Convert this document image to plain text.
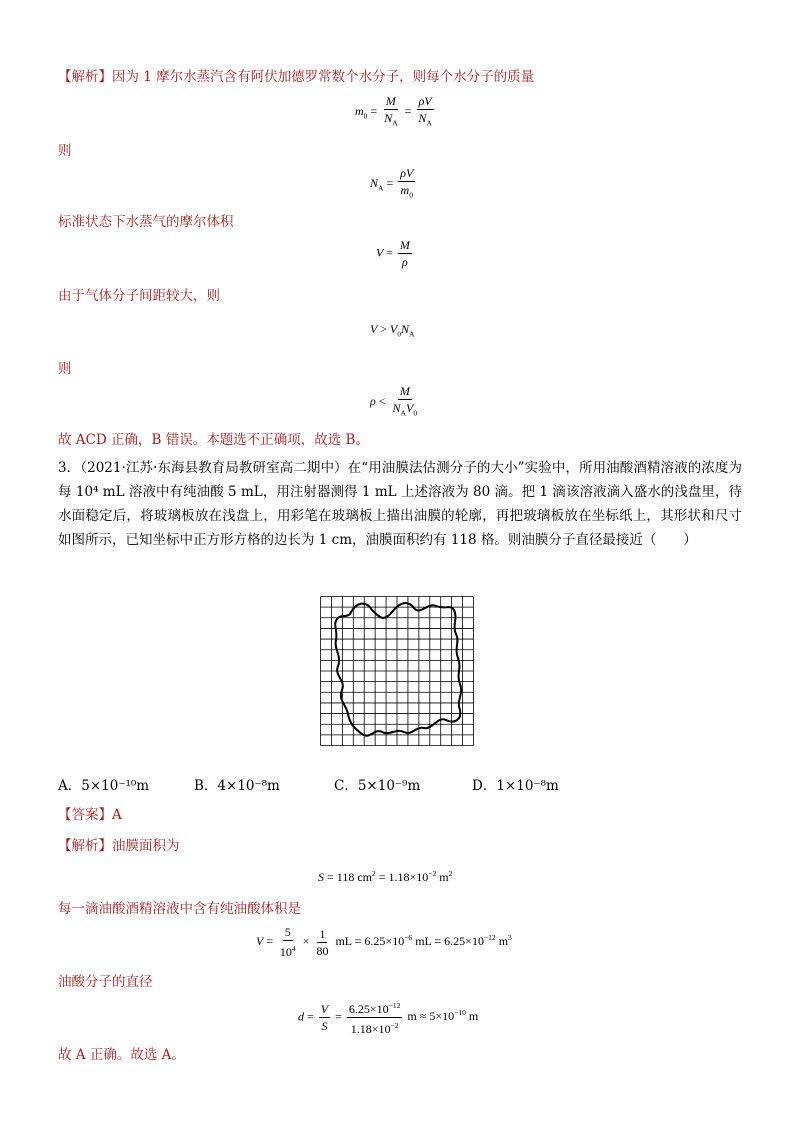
【解析】因为 1 摩尔水蒸汽含有阿伏加德罗常数个水分子，则每个水分子的质量
$m_0 = \frac{M}{N_A} = \frac{\rho V}{N_A}$
则
$N_A = \frac{\rho V}{m_0}$
标准状态下水蒸气的摩尔体积
$V = \frac{M}{\rho}$
由于气体分子间距较大，则
$V > V_0N_A$
则
$\rho < \frac{M}{N_AV_0}$
故 ACD 正确，B 错误。本题选不正确项，故选 B。
3．（2021·江苏·东海县教育局教研室高二期中）在“用油膜法估测分子的大小”实验中，所用油酸酒精溶液的浓度为每 10⁴ mL 溶液中有纯油酸 5 mL，用注射器测得 1 mL 上述溶液为 80 滴。把 1 滴该溶液滴入盛水的浅盘里，待水面稳定后，将玻璃板放在浅盘上，用彩笔在玻璃板上描出油膜的轮廓，再把玻璃板放在坐标纸上，其形状和尺寸如图所示，已知坐标中正方形方格的边长为 1 cm，油膜面积约有 118 格。则油膜分子直径最接近（　　）
A．5×10⁻¹⁰m	B．4×10⁻⁸m	C．5×10⁻⁹m	D．1×10⁻⁸m
【答案】A
【解析】油膜面积为
S = 118 $cm^2 = 1.18\times 10^{-2}$ $m^2$
每一滴油酸酒精溶液中含有纯油酸体积是
$V = \frac{5}{10^4} \times \frac{1}{80}$ mL = $6.25\times 10^{-6}$ mL = $6.25\times 10^{-12}$ $m^3$
油酸分子的直径
$d = \frac{V}{S} = \frac{6.25\times 10^{-12}}{1.18\times 10^{-2}}$ $m \approx 5\times 10^{-10}$ m
故 A 正确。故选 A。
